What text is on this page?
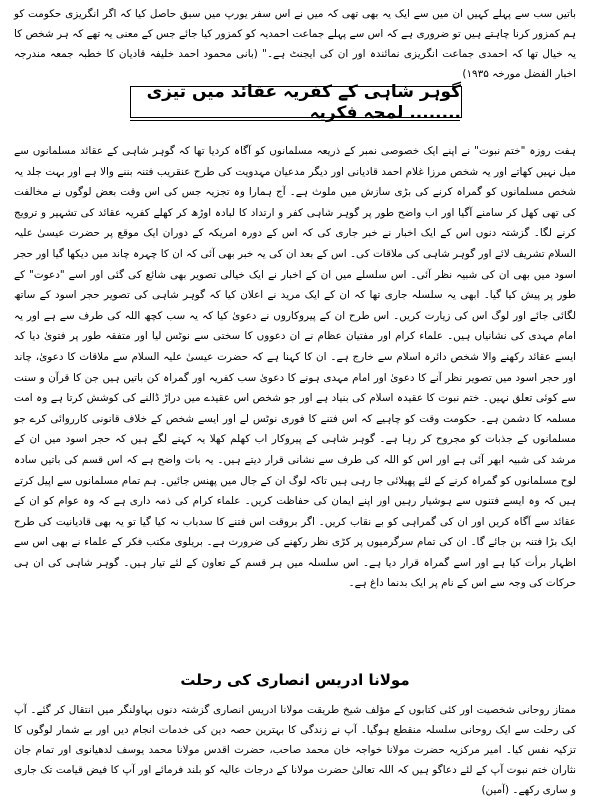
باتیں سب سے پہلے کہیں ان میں سے ایک یہ بھی تھی کہ میں نے اس سفر یورپ میں سبق حاصل کیا کہ اگر انگریزی حکومت کو ہم کمزور کرنا چاہتے ہیں تو ضروری ہے کہ اس سے پہلے جماعت احمدیہ کو کمزور کیا جائے جس کے معنی یہ تھے کہ ہر شخص کا یہ خیال تھا کہ احمدی جماعت انگریزی نمائندہ اور ان کی ایجنٹ ہے۔" (بانی محمود احمد خلیفہ قادیان کا خطبہ جمعہ مندرجہ اخبار الفضل مورخہ ۱۹۳۵)

گوہر شاہی کے کفریہ عقائد میں تیزی ........ لمحہ فکریہ

ہفت روزہ "ختم نبوت" نے اپنے ایک خصوصی نمبر کے ذریعہ مسلمانوں کو آگاہ کردیا تھا کہ گوہر شاہی کے عقائد مسلمانوں سے میل نہیں کھاتے اور یہ شخص مرزا غلام احمد قادیانی اور دیگر مدعیان مہدویت کی طرح عنقریب فتنہ بننے والا ہے اور بہت جلد یہ شخص مسلمانوں کو گمراہ کرنے کی بڑی سازش میں ملوث ہے۔ آج ہمارا وہ تجزیہ جس کی اس وقت بعض لوگوں نے مخالفت کی تھی کھل کر سامنے آگیا اور اب واضح طور پر گوہر شاہی کفر و ارتداد کا لبادہ اوڑھ کر کھلے کفریہ عقائد کی تشہیر و ترویج کرنے لگا۔ گزشتہ دنوں اس کے ایک اخبار نے خبر جاری کی کہ اس کے دورہ امریکہ کے دوران ایک موقع پر حضرت عیسیٰ علیہ السلام تشریف لائے اور گوہر شاہی کی ملاقات کی۔ اس کے بعد ان کی یہ خبر بھی آئی کہ ان کا چہرہ چاند میں دیکھا گیا اور حجر اسود میں بھی ان کی شبیہ نظر آئی۔ اس سلسلے میں ان کے اخبار نے ایک خیالی تصویر بھی شائع کی گئی اور اسے "دعوت" کے طور پر پیش کیا گیا۔ ابھی یہ سلسلہ جاری تھا کہ ان کے ایک مرید نے اعلان کیا کہ گوہر شاہی کی تصویر حجر اسود کے ساتھ لگائی جائے اور لوگ اس کی زیارت کریں۔ اس طرح ان کے پیروکاروں نے دعویٰ کیا کہ یہ سب کچھ اللہ کی طرف سے ہے اور یہ امام مہدی کی نشانیاں ہیں۔ علماء کرام اور مفتیان عظام نے ان دعووں کا سختی سے نوٹس لیا اور متفقہ طور پر فتویٰ دیا کہ ایسے عقائد رکھنے والا شخص دائرہ اسلام سے خارج ہے۔ ان کا کہنا ہے کہ حضرت عیسیٰ علیہ السلام سے ملاقات کا دعویٰ، چاند اور حجر اسود میں تصویر نظر آنے کا دعویٰ اور امام مہدی ہونے کا دعویٰ سب کفریہ اور گمراہ کن باتیں ہیں جن کا قرآن و سنت سے کوئی تعلق نہیں۔ ختم نبوت کا عقیدہ اسلام کی بنیاد ہے اور جو شخص اس عقیدے میں دراڑ ڈالنے کی کوشش کرتا ہے وہ امت مسلمہ کا دشمن ہے۔ حکومت وقت کو چاہیے کہ اس فتنے کا فوری نوٹس لے اور ایسے شخص کے خلاف قانونی کارروائی کرے جو مسلمانوں کے جذبات کو مجروح کر رہا ہے۔ گوہر شاہی کے پیروکار اب کھلم کھلا یہ کہنے لگے ہیں کہ حجر اسود میں ان کے مرشد کی شبیہ ابھر آئی ہے اور اس کو اللہ کی طرف سے نشانی قرار دیتے ہیں۔ یہ بات واضح ہے کہ اس قسم کی باتیں سادہ لوح مسلمانوں کو گمراہ کرنے کے لئے پھیلائی جا رہی ہیں تاکہ لوگ ان کے جال میں پھنس جائیں۔ ہم تمام مسلمانوں سے اپیل کرتے ہیں کہ وہ ایسے فتنوں سے ہوشیار رہیں اور اپنے ایمان کی حفاظت کریں۔ علماء کرام کی ذمہ داری ہے کہ وہ عوام کو ان کے عقائد سے آگاہ کریں اور ان کی گمراہی کو بے نقاب کریں۔ اگر بروقت اس فتنے کا سدباب نہ کیا گیا تو یہ بھی قادیانیت کی طرح ایک بڑا فتنہ بن جائے گا۔ ان کی تمام سرگرمیوں پر کڑی نظر رکھنے کی ضرورت ہے۔ بریلوی مکتب فکر کے علماء نے بھی اس سے اظہار برأت کیا ہے اور اسے گمراہ قرار دیا ہے۔ اس سلسلہ میں ہر قسم کے تعاون کے لئے تیار ہیں۔ گوہر شاہی کی ان ہی حرکات کی وجہ سے اس کے نام پر ایک بدنما داغ ہے۔

مولانا ادریس انصاری کی رحلت

ممتاز روحانی شخصیت اور کئی کتابوں کے مؤلف شیخ طریقت مولانا ادریس انصاری گزشتہ دنوں بہاولنگر میں انتقال کر گئے۔ آپ کی رحلت سے ایک روحانی سلسلہ منقطع ہوگیا۔ آپ نے زندگی کا بہترین حصہ دین کی خدمات انجام دیں اور بے شمار لوگوں کا تزکیہ نفس کیا۔ امیر مرکزیہ حضرت مولانا خواجہ خان محمد صاحب، حضرت اقدس مولانا محمد یوسف لدھیانوی اور تمام جان نثاران ختم نبوت آپ کے لئے دعاگو ہیں کہ اللہ تعالیٰ حضرت مولانا کے درجات عالیہ کو بلند فرمائے اور آپ کا فیض قیامت تک جاری و ساری رکھے۔ (آمین)
